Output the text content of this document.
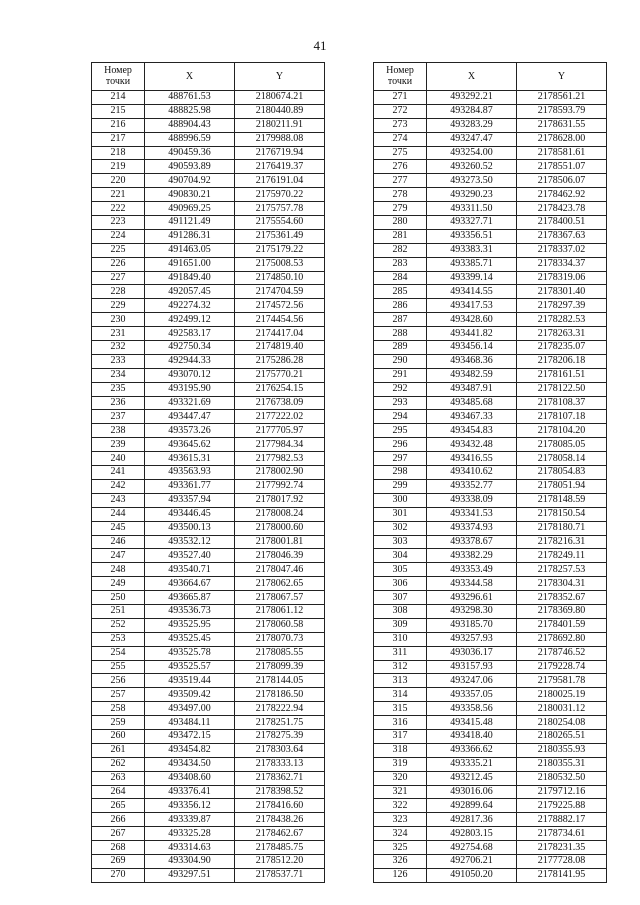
41
Номер точки	X	Y
214	488761.53	2180674.21
215	488825.98	2180440.89
216	488904.43	2180211.91
217	488996.59	2179988.08
218	490459.36	2176719.94
219	490593.89	2176419.37
220	490704.92	2176191.04
221	490830.21	2175970.22
222	490969.25	2175757.78
223	491121.49	2175554.60
224	491286.31	2175361.49
225	491463.05	2175179.22
226	491651.00	2175008.53
227	491849.40	2174850.10
228	492057.45	2174704.59
229	492274.32	2174572.56
230	492499.12	2174454.56
231	492583.17	2174417.04
232	492750.34	2174819.40
233	492944.33	2175286.28
234	493070.12	2175770.21
235	493195.90	2176254.15
236	493321.69	2176738.09
237	493447.47	2177222.02
238	493573.26	2177705.97
239	493645.62	2177984.34
240	493615.31	2177982.53
241	493563.93	2178002.90
242	493361.77	2177992.74
243	493357.94	2178017.92
244	493446.45	2178008.24
245	493500.13	2178000.60
246	493532.12	2178001.81
247	493527.40	2178046.39
248	493540.71	2178047.46
249	493664.67	2178062.65
250	493665.87	2178067.57
251	493536.73	2178061.12
252	493525.95	2178060.58
253	493525.45	2178070.73
254	493525.78	2178085.55
255	493525.57	2178099.39
256	493519.44	2178144.05
257	493509.42	2178186.50
258	493497.00	2178222.94
259	493484.11	2178251.75
260	493472.15	2178275.39
261	493454.82	2178303.64
262	493434.50	2178333.13
263	493408.60	2178362.71
264	493376.41	2178398.52
265	493356.12	2178416.60
266	493339.87	2178438.26
267	493325.28	2178462.67
268	493314.63	2178485.75
269	493304.90	2178512.20
270	493297.51	2178537.71
Номер точки	X	Y
271	493292.21	2178561.21
272	493284.87	2178593.79
273	493283.29	2178631.55
274	493247.47	2178628.00
275	493254.00	2178581.61
276	493260.52	2178551.07
277	493273.50	2178506.07
278	493290.23	2178462.92
279	493311.50	2178423.78
280	493327.71	2178400.51
281	493356.51	2178367.63
282	493383.31	2178337.02
283	493385.71	2178334.37
284	493399.14	2178319.06
285	493414.55	2178301.40
286	493417.53	2178297.39
287	493428.60	2178282.53
288	493441.82	2178263.31
289	493456.14	2178235.07
290	493468.36	2178206.18
291	493482.59	2178161.51
292	493487.91	2178122.50
293	493485.68	2178108.37
294	493467.33	2178107.18
295	493454.83	2178104.20
296	493432.48	2178085.05
297	493416.55	2178058.14
298	493410.62	2178054.83
299	493352.77	2178051.94
300	493338.09	2178148.59
301	493341.53	2178150.54
302	493374.93	2178180.71
303	493378.67	2178216.31
304	493382.29	2178249.11
305	493353.49	2178257.53
306	493344.58	2178304.31
307	493296.61	2178352.67
308	493298.30	2178369.80
309	493185.70	2178401.59
310	493257.93	2178692.80
311	493036.17	2178746.52
312	493157.93	2179228.74
313	493247.06	2179581.78
314	493357.05	2180025.19
315	493358.56	2180031.12
316	493415.48	2180254.08
317	493418.40	2180265.51
318	493366.62	2180355.93
319	493335.21	2180355.31
320	493212.45	2180532.50
321	493016.06	2179712.16
322	492899.64	2179225.88
323	492817.36	2178882.17
324	492803.15	2178734.61
325	492754.68	2178231.35
326	492706.21	2177728.08
126	491050.20	2178141.95
